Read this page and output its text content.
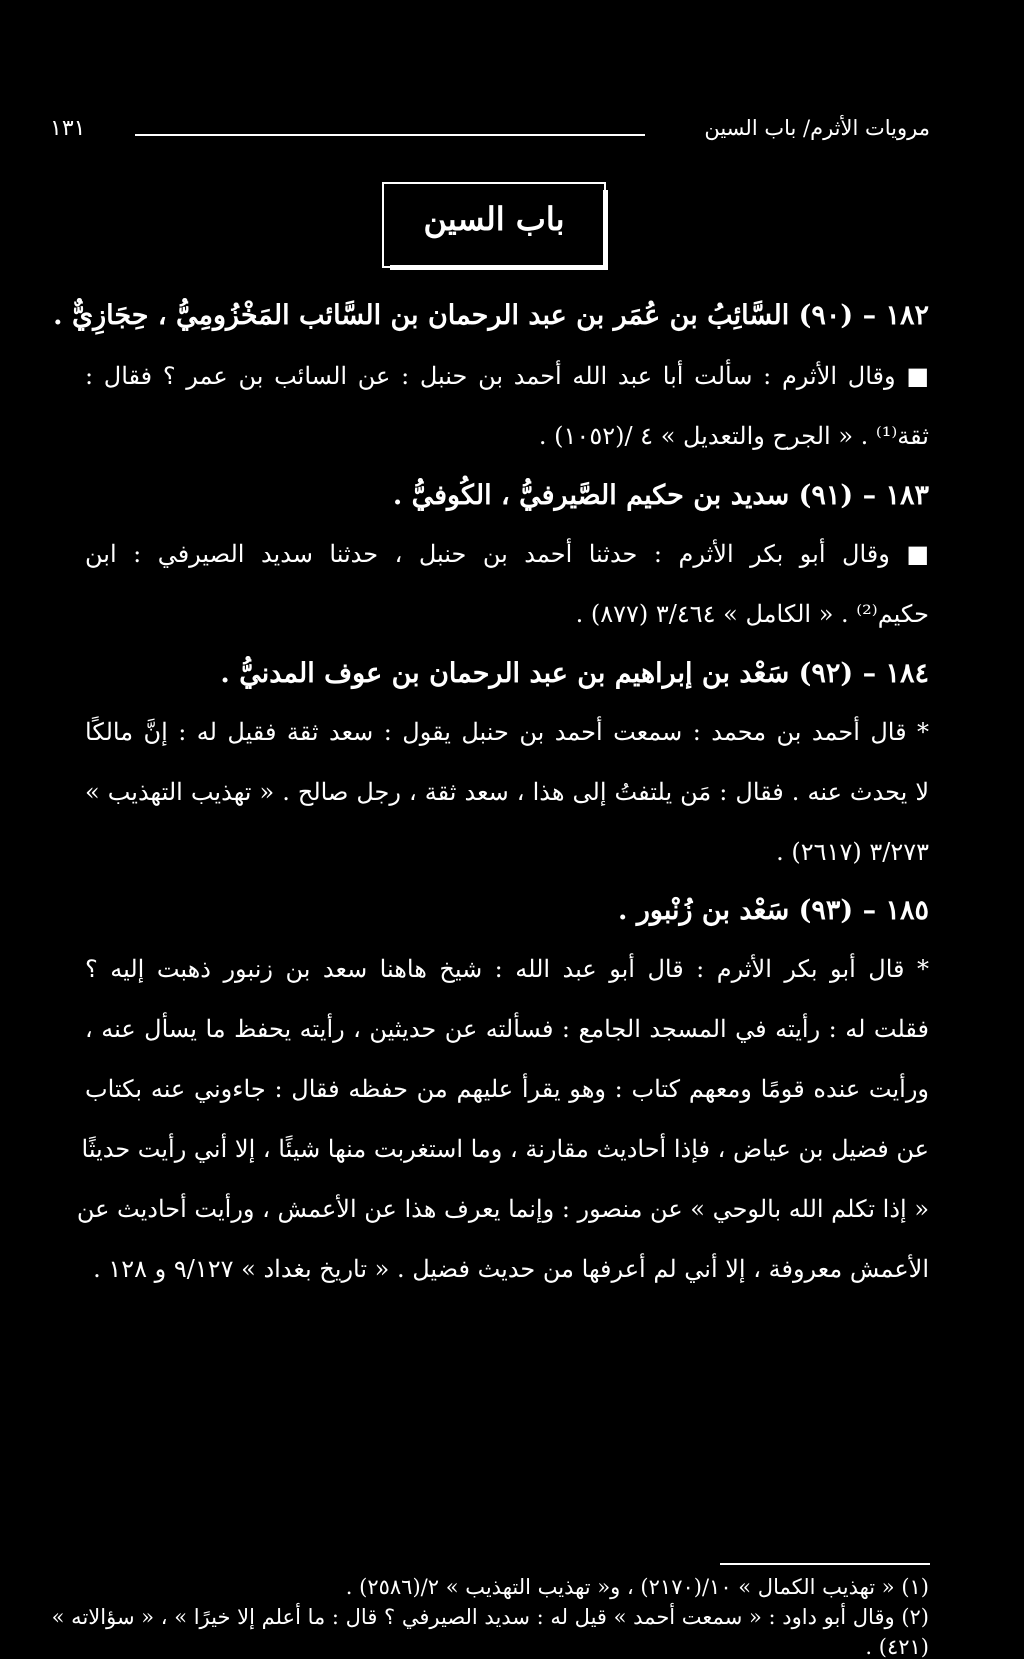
مرويات الأثرم/ باب السين
١٣١
باب السين
١٨٢ – (٩٠) السَّائِبُ بن عُمَر بن عبد الرحمان بن السَّائب المَخْزُومِيُّ ، حِجَازِيٌّ .
■ وقال الأثرم : سألت أبا عبد الله أحمد بن حنبل : عن السائب بن عمر ؟ فقال :
ثقة⁽¹⁾ . « الجرح والتعديل » ٤ /(١٠٥٢) .
١٨٣ – (٩١) سديد بن حكيم الصَّيرفيُّ ، الكُوفيُّ .
■ وقال أبو بكر الأثرم : حدثنا أحمد بن حنبل ، حدثنا سديد الصيرفي : ابن
حكيم⁽²⁾ . « الكامل » ٣/٤٦٤ (٨٧٧) .
١٨٤ – (٩٢) سَعْد بن إبراهيم بن عبد الرحمان بن عوف المدنيُّ .
* قال أحمد بن محمد : سمعت أحمد بن حنبل يقول : سعد ثقة فقيل له : إنَّ مالكًا
لا يحدث عنه . فقال : مَن يلتفتُ إلى هذا ، سعد ثقة ، رجل صالح . « تهذيب التهذيب »
٣/٢٧٣ (٢٦١٧) .
١٨٥ – (٩٣) سَعْد بن زُنْبور .
* قال أبو بكر الأثرم : قال أبو عبد الله : شيخ هاهنا سعد بن زنبور ذهبت إليه ؟
فقلت له : رأيته في المسجد الجامع : فسألته عن حديثين ، رأيته يحفظ ما يسأل عنه ،
ورأيت عنده قومًا ومعهم كتاب : وهو يقرأ عليهم من حفظه فقال : جاءوني عنه بكتاب
عن فضيل بن عياض ، فإذا أحاديث مقارنة ، وما استغربت منها شيئًا ، إلا أني رأيت حديثًا
« إذا تكلم الله بالوحي » عن منصور : وإنما يعرف هذا عن الأعمش ، ورأيت أحاديث عن
الأعمش معروفة ، إلا أني لم أعرفها من حديث فضيل . « تاريخ بغداد » ٩/١٢٧ و ١٢٨ .
(١) « تهذيب الكمال » ١٠/(٢١٧٠) ، و« تهذيب التهذيب » ٢/(٢٥٨٦) .
(٢) وقال أبو داود : « سمعت أحمد » قيل له : سديد الصيرفي ؟ قال : ما أعلم إلا خيرًا » ، « سؤالاته »
(٤٢١) .
